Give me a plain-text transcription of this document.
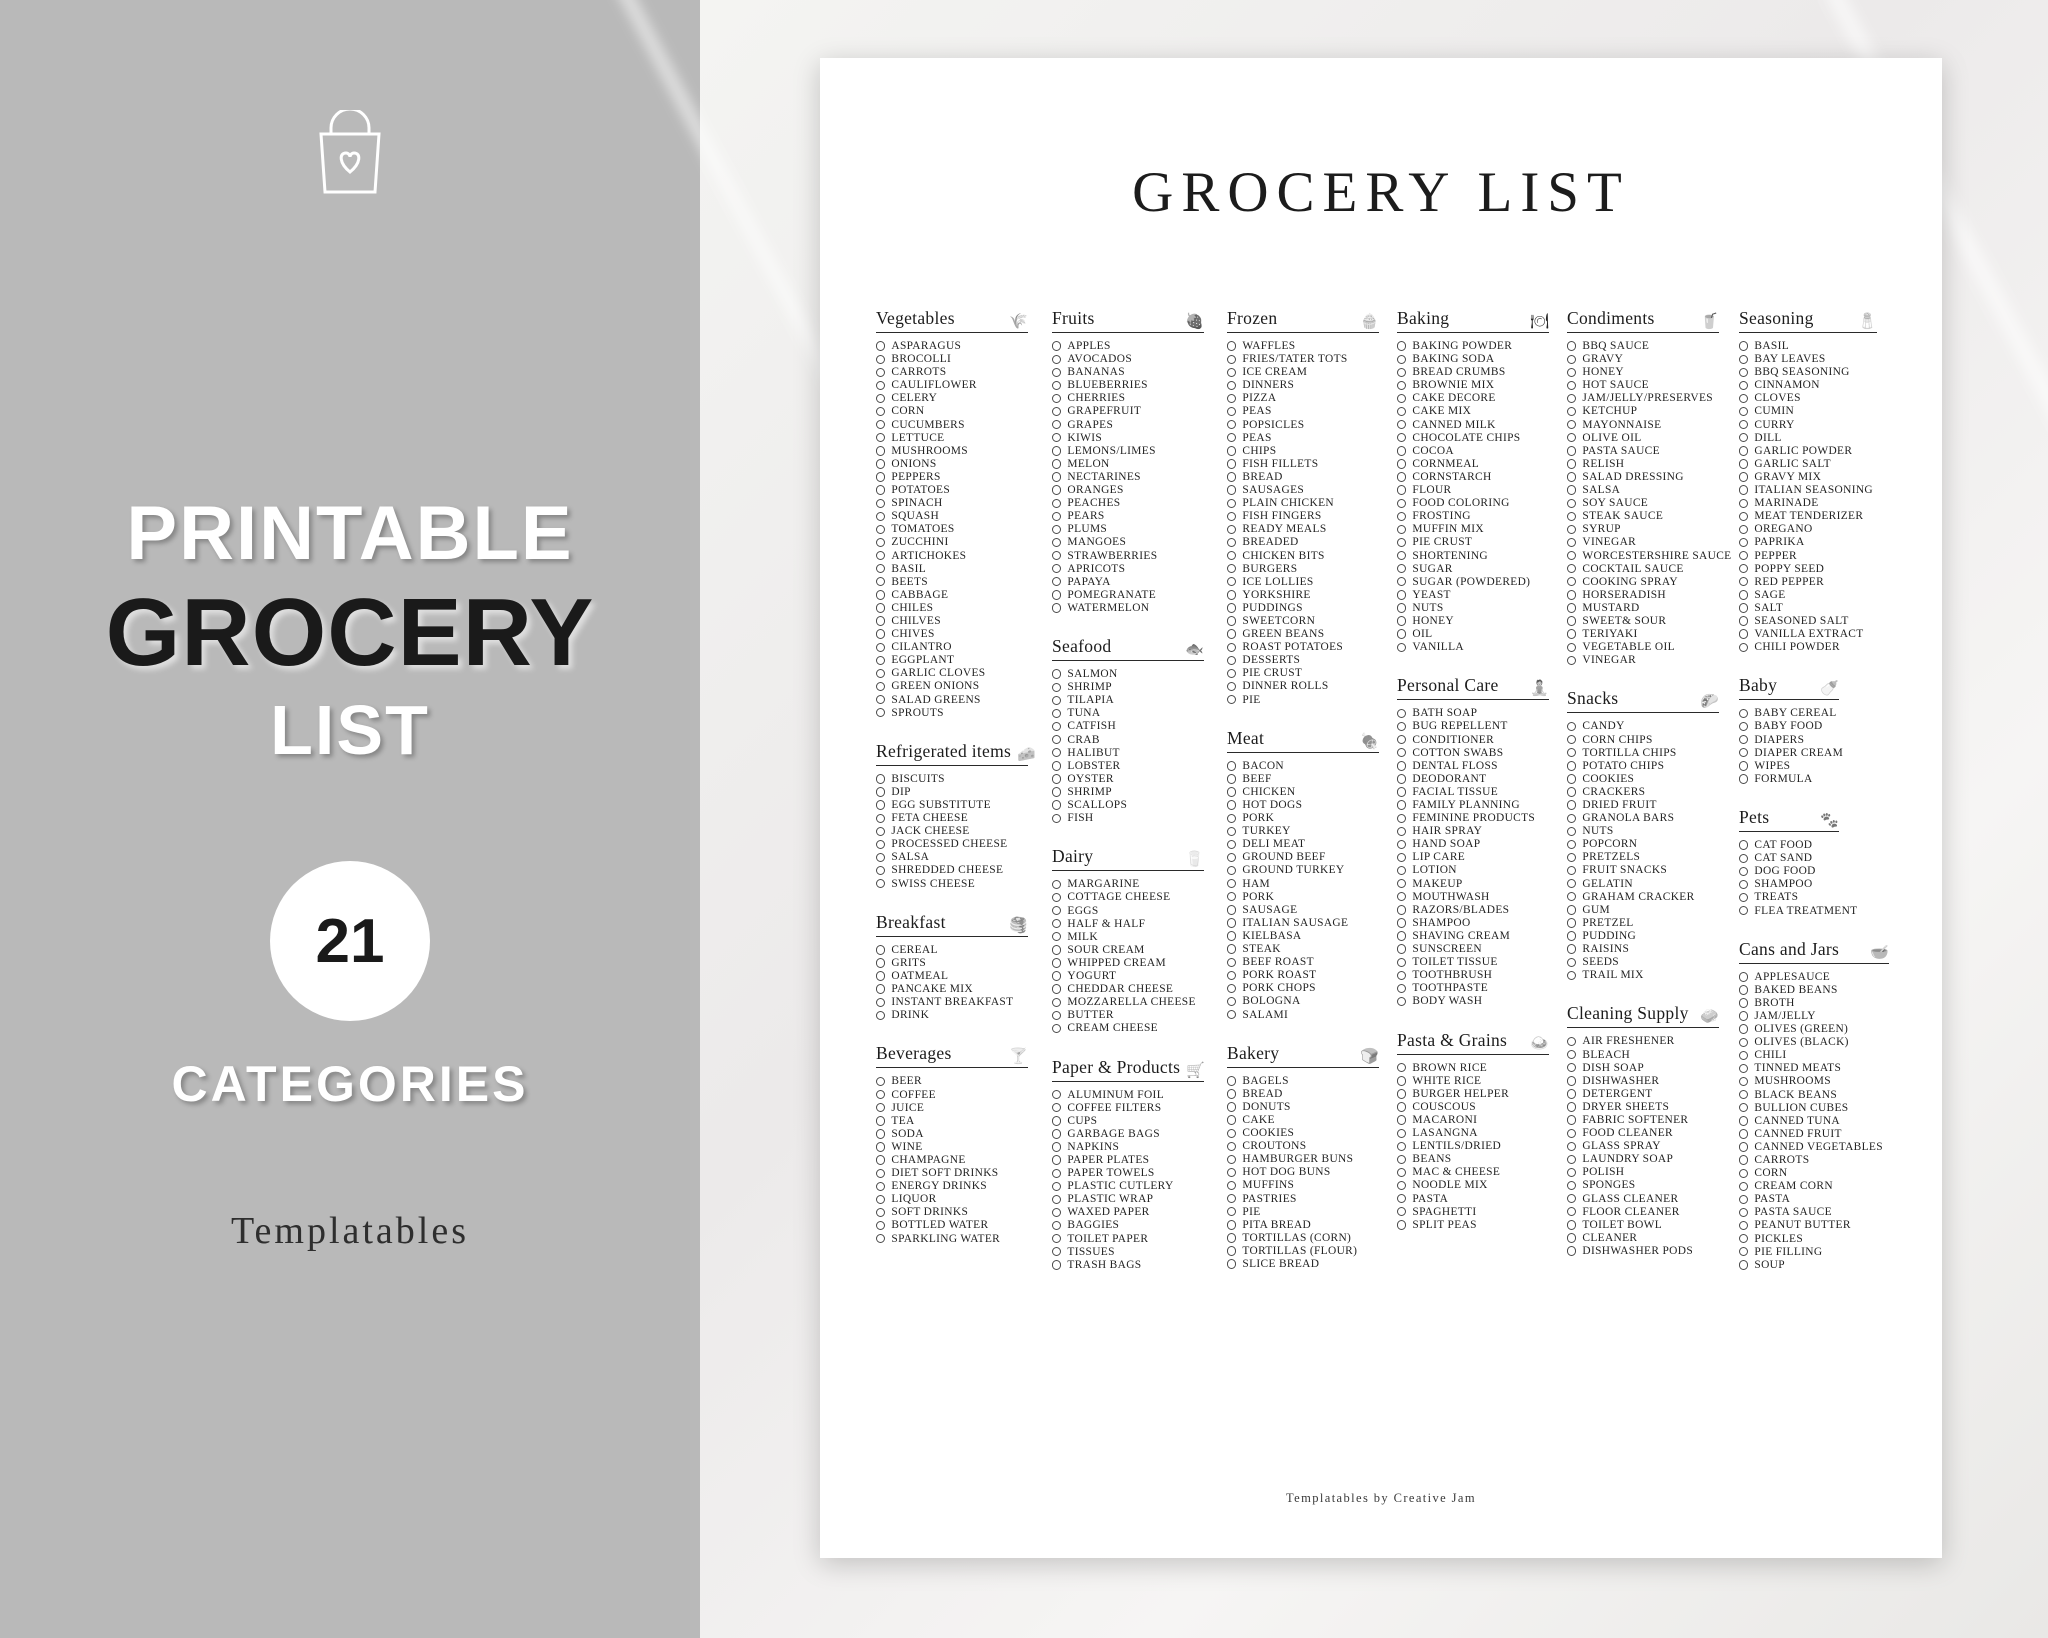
PRINTABLE
GROCERY
LIST
21
CATEGORIES
Templatables
GROCERY LIST
Vegetables	🌾
ASPARAGUS
BROCOLLI
CARROTS
CAULIFLOWER
CELERY
CORN
CUCUMBERS
LETTUCE
MUSHROOMS
ONIONS
PEPPERS
POTATOES
SPINACH
SQUASH
TOMATOES
ZUCCHINI
ARTICHOKES
BASIL
BEETS
CABBAGE
CHILES
CHILVES
CHIVES
CILANTRO
EGGPLANT
GARLIC CLOVES
GREEN ONIONS
SALAD GREENS
SPROUTS
Refrigerated items 🧀
BISCUITS
DIP
EGG SUBSTITUTE
FETA CHEESE
JACK CHEESE
PROCESSED CHEESE
SALSA
SHREDDED CHEESE
SWISS CHEESE
Breakfast	🥞
CEREAL
GRITS
OATMEAL
PANCAKE MIX
INSTANT BREAKFAST
DRINK
Beverages	🍸
BEER
COFFEE
JUICE
TEA
SODA
WINE
CHAMPAGNE
DIET SOFT DRINKS
ENERGY DRINKS
LIQUOR
SOFT DRINKS
BOTTLED WATER
SPARKLING WATER
Fruits	🍓
APPLES
AVOCADOS
BANANAS
BLUEBERRIES
CHERRIES
GRAPEFRUIT
GRAPES
KIWIS
LEMONS/LIMES
MELON
NECTARINES
ORANGES
PEACHES
PEARS
PLUMS
MANGOES
STRAWBERRIES
APRICOTS
PAPAYA
POMEGRANATE
WATERMELON
Seafood	🐟
SALMON
SHRIMP
TILAPIA
TUNA
CATFISH
CRAB
HALIBUT
LOBSTER
OYSTER
SHRIMP
SCALLOPS
FISH
Dairy	🥛
MARGARINE
COTTAGE CHEESE
EGGS
HALF & HALF
MILK
SOUR CREAM
WHIPPED CREAM
YOGURT
CHEDDAR CHEESE
MOZZARELLA CHEESE
BUTTER
CREAM CHEESE
Paper & Products 🛒
ALUMINUM FOIL
COFFEE FILTERS
CUPS
GARBAGE BAGS
NAPKINS
PAPER PLATES
PAPER TOWELS
PLASTIC CUTLERY
PLASTIC WRAP
WAXED PAPER
BAGGIES
TOILET PAPER
TISSUES
TRASH BAGS
Frozen	🧁
WAFFLES
FRIES/TATER TOTS
ICE CREAM
DINNERS
PIZZA
PEAS
POPSICLES
PEAS
CHIPS
FISH FILLETS
BREAD
SAUSAGES
PLAIN CHICKEN
FISH FINGERS
READY MEALS
BREADED
CHICKEN BITS
BURGERS
ICE LOLLIES
YORKSHIRE
PUDDINGS
SWEETCORN
GREEN BEANS
ROAST POTATOES
DESSERTS
PIE CRUST
DINNER ROLLS
PIE
Meat	🍖
BACON
BEEF
CHICKEN
HOT DOGS
PORK
TURKEY
DELI MEAT
GROUND BEEF
GROUND TURKEY
HAM
PORK
SAUSAGE
ITALIAN SAUSAGE
KIELBASA
STEAK
BEEF ROAST
PORK ROAST
PORK CHOPS
BOLOGNA
SALAMI
Bakery	🍞
BAGELS
BREAD
DONUTS
CAKE
COOKIES
CROUTONS
HAMBURGER BUNS
HOT DOG BUNS
MUFFINS
PASTRIES
PIE
PITA BREAD
TORTILLAS (CORN)
TORTILLAS (FLOUR)
SLICE BREAD
Baking	🍽
BAKING POWDER
BAKING SODA
BREAD CRUMBS
BROWNIE MIX
CAKE DECORE
CAKE MIX
CANNED MILK
CHOCOLATE CHIPS
COCOA
CORNMEAL
CORNSTARCH
FLOUR
FOOD COLORING
FROSTING
MUFFIN MIX
PIE CRUST
SHORTENING
SUGAR
SUGAR (POWDERED)
YEAST
NUTS
HONEY
OIL
VANILLA
Personal Care 🧘
BATH SOAP
BUG REPELLENT
CONDITIONER
COTTON SWABS
DENTAL FLOSS
DEODORANT
FACIAL TISSUE
FAMILY PLANNING
FEMININE PRODUCTS
HAIR SPRAY
HAND SOAP
LIP CARE
LOTION
MAKEUP
MOUTHWASH
RAZORS/BLADES
SHAMPOO
SHAVING CREAM
SUNSCREEN
TOILET TISSUE
TOOTHBRUSH
TOOTHPASTE
BODY WASH
Pasta & Grains 🍛
BROWN RICE
WHITE RICE
BURGER HELPER
COUSCOUS
MACARONI
LASANGNA
LENTILS/DRIED
BEANS
MAC & CHEESE
NOODLE MIX
PASTA
SPAGHETTI
SPLIT PEAS
Condiments	🥤
BBQ SAUCE
GRAVY
HONEY
HOT SAUCE
JAM/JELLY/PRESERVES
KETCHUP
MAYONNAISE
OLIVE OIL
PASTA SAUCE
RELISH
SALAD DRESSING
SALSA
SOY SAUCE
STEAK SAUCE
SYRUP
VINEGAR
WORCESTERSHIRE SAUCE
COCKTAIL SAUCE
COOKING SPRAY
HORSERADISH
MUSTARD
SWEET& SOUR
TERIYAKI
VEGETABLE OIL
VINEGAR
Snacks	🌮
CANDY
CORN CHIPS
TORTILLA CHIPS
POTATO CHIPS
COOKIES
CRACKERS
DRIED FRUIT
GRANOLA BARS
NUTS
POPCORN
PRETZELS
FRUIT SNACKS
GELATIN
GRAHAM CRACKER
GUM
PRETZEL
PUDDING
RAISINS
SEEDS
TRAIL MIX
Cleaning Supply 🧼
AIR FRESHENER
BLEACH
DISH SOAP
DISHWASHER
DETERGENT
DRYER SHEETS
FABRIC SOFTENER
FOOD CLEANER
GLASS SPRAY
LAUNDRY SOAP
POLISH
SPONGES
GLASS CLEANER
FLOOR CLEANER
TOILET BOWL
CLEANER
DISHWASHER PODS
Seasoning	🧂
BASIL
BAY LEAVES
BBQ SEASONING
CINNAMON
CLOVES
CUMIN
CURRY
DILL
GARLIC POWDER
GARLIC SALT
GRAVY MIX
ITALIAN SEASONING
MARINADE
MEAT TENDERIZER
OREGANO
PAPRIKA
PEPPER
POPPY SEED
RED PEPPER
SAGE
SALT
SEASONED SALT
VANILLA EXTRACT
CHILI POWDER
Baby	🍼
BABY CEREAL
BABY FOOD
DIAPERS
DIAPER CREAM
WIPES
FORMULA
Pets	🐾
CAT FOOD
CAT SAND
DOG FOOD
SHAMPOO
TREATS
FLEA TREATMENT
Cans and Jars 🥣
APPLESAUCE
BAKED BEANS
BROTH
JAM/JELLY
OLIVES (GREEN)
OLIVES (BLACK)
CHILI
TINNED MEATS
MUSHROOMS
BLACK BEANS
BULLION CUBES
CANNED TUNA
CANNED FRUIT
CANNED VEGETABLES
CARROTS
CORN
CREAM CORN
PASTA
PASTA SAUCE
PEANUT BUTTER
PICKLES
PIE FILLING
SOUP
Templatables by Creative Jam
